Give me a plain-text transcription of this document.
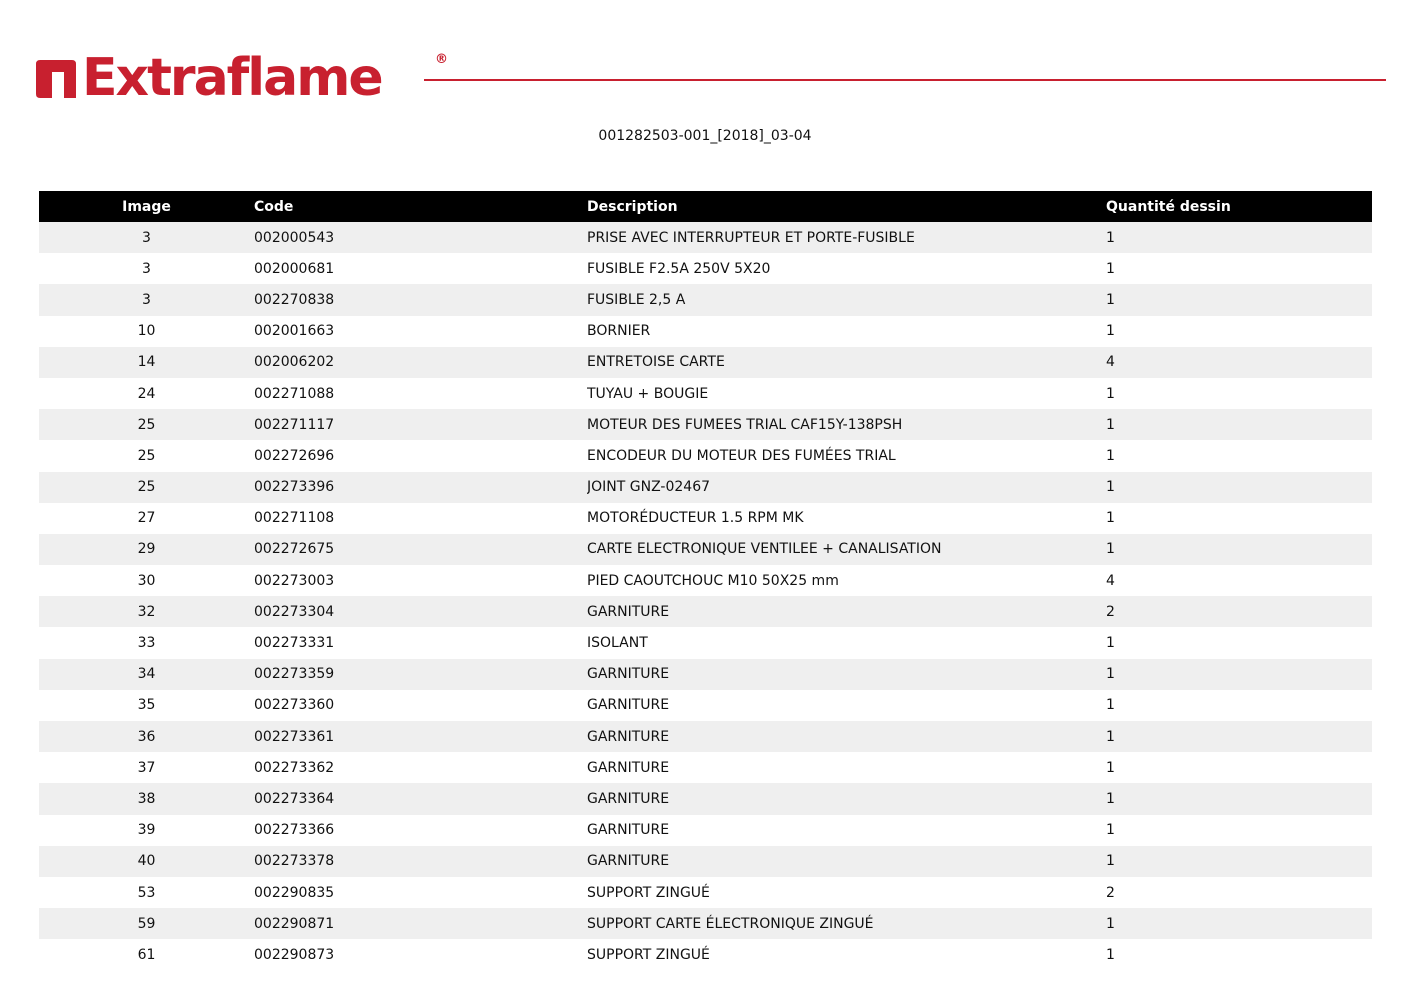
Extraflame	®
001282503-001_[2018]_03-04
Image	Code	Description	Quantité dessin
3	002000543	PRISE AVEC INTERRUPTEUR ET PORTE-FUSIBLE	1
3	002000681	FUSIBLE F2.5A 250V 5X20	1
3	002270838	FUSIBLE 2,5 A	1
10	002001663	BORNIER	1
14	002006202	ENTRETOISE CARTE	4
24	002271088	TUYAU + BOUGIE	1
25	002271117	MOTEUR DES FUMEES TRIAL CAF15Y-138PSH	1
25	002272696	ENCODEUR DU MOTEUR DES FUMÉES TRIAL	1
25	002273396	JOINT GNZ-02467	1
27	002271108	MOTORÉDUCTEUR 1.5 RPM MK	1
29	002272675	CARTE ELECTRONIQUE VENTILEE + CANALISATION	1
30	002273003	PIED CAOUTCHOUC M10 50X25 mm	4
32	002273304	GARNITURE	2
33	002273331	ISOLANT	1
34	002273359	GARNITURE	1
35	002273360	GARNITURE	1
36	002273361	GARNITURE	1
37	002273362	GARNITURE	1
38	002273364	GARNITURE	1
39	002273366	GARNITURE	1
40	002273378	GARNITURE	1
53	002290835	SUPPORT ZINGUÉ	2
59	002290871	SUPPORT CARTE ÉLECTRONIQUE ZINGUÉ	1
61	002290873	SUPPORT ZINGUÉ	1
